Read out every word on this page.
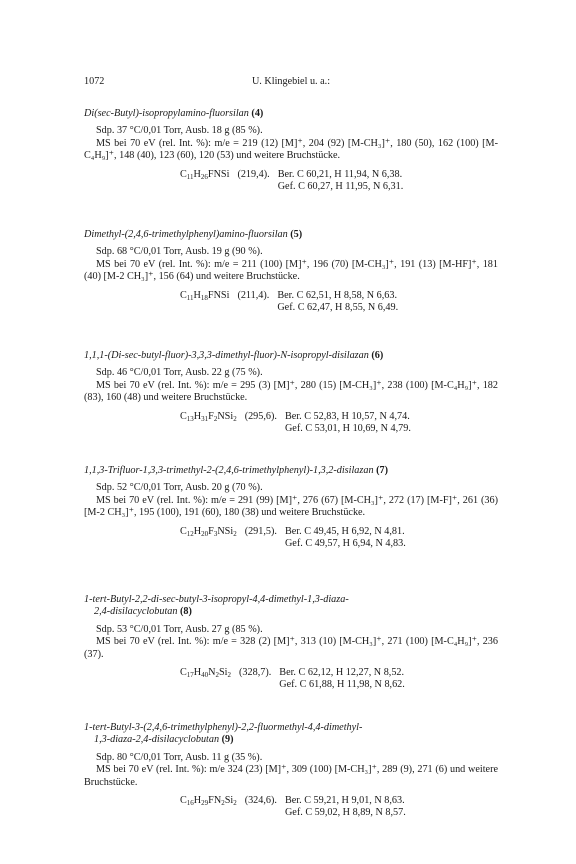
1072	U. Klingebiel u. a.:
Di(sec-Butyl)-isopropylamino-fluorsilan (4)

Sdp. 37 °C/0,01 Torr, Ausb. 18 g (85 %).

MS bei 70 eV (rel. Int. %): m/e = 219 (12) [M]⁺, 204 (92) [M-CH₃]⁺, 180 (50), 162 (100) [M-C₄H₉]⁺, 148 (40), 123 (60), 120 (53) und weitere Bruchstücke.

$C_{11}H_{26}FNSi$ (219,4). Ber. C 60,21, H 11,94, N 6,38.
Gef. C 60,27, H 11,95, N 6,31.
Dimethyl-(2,4,6-trimethylphenyl)amino-fluorsilan (5)

Sdp. 68 °C/0,01 Torr, Ausb. 19 g (90 %).

MS bei 70 eV (rel. Int. %): m/e = 211 (100) [M]⁺, 196 (70) [M-CH₃]⁺, 191 (13) [M-HF]⁺, 181 (40) [M-2 CH₃]⁺, 156 (64) und weitere Bruchstücke.

$C_{11}H_{18}FNSi$ (211,4). Ber. C 62,51, H 8,58, N 6,63.
Gef. C 62,47, H 8,55, N 6,49.
1,1,1-(Di-sec-butyl-fluor)-3,3,3-dimethyl-fluor)-N-isopropyl-disilazan (6)

Sdp. 46 °C/0,01 Torr, Ausb. 22 g (75 %).

MS bei 70 eV (rel. Int. %): m/e = 295 (3) [M]⁺, 280 (15) [M-CH₃]⁺, 238 (100) [M-C₄H₉]⁺, 182 (83), 160 (48) und weitere Bruchstücke.

$C_{13}H_{31}F_2NSi_2$ (295,6). Ber. C 52,83, H 10,57, N 4,74.
Gef. C 53,01, H 10,69, N 4,79.
1,1,3-Trifluor-1,3,3-trimethyl-2-(2,4,6-trimethylphenyl)-1,3,2-disilazan (7)

Sdp. 52 °C/0,01 Torr, Ausb. 20 g (70 %).

MS bei 70 eV (rel. Int. %): m/e = 291 (99) [M]⁺, 276 (67) [M-CH₃]⁺, 272 (17) [M-F]⁺, 261 (36) [M-2 CH₃]⁺, 195 (100), 191 (60), 180 (38) und weitere Bruchstücke.

$C_{12}H_{20}F_3NSi_2$ (291,5). Ber. C 49,45, H 6,92, N 4,81.
Gef. C 49,57, H 6,94, N 4,83.
1-tert-Butyl-2,2-di-sec-butyl-3-isopropyl-4,4-dimethyl-1,3-diaza-
2,4-disilacyclobutan (8)

Sdp. 53 °C/0,01 Torr, Ausb. 27 g (85 %).

MS bei 70 eV (rel. Int. %): m/e = 328 (2) [M]⁺, 313 (10) [M-CH₃]⁺, 271 (100) [M-C₄H₉]⁺, 236 (37).

$C_{17}H_{40}N_2Si_2$ (328,7). Ber. C 62,12, H 12,27, N 8,52.
Gef. C 61,88, H 11,98, N 8,62.
1-tert-Butyl-3-(2,4,6-trimethylphenyl)-2,2-fluormethyl-4,4-dimethyl-
1,3-diaza-2,4-disilacyclobutan (9)

Sdp. 80 °C/0,01 Torr, Ausb. 11 g (35 %).

MS bei 70 eV (rel. Int. %): m/e 324 (23) [M]⁺, 309 (100) [M-CH₃]⁺, 289 (9), 271 (6) und weitere Bruchstücke.

$C_{16}H_{29}FN_2Si_2$ (324,6). Ber. C 59,21, H 9,01, N 8,63.
Gef. C 59,02, H 8,89, N 8,57.
